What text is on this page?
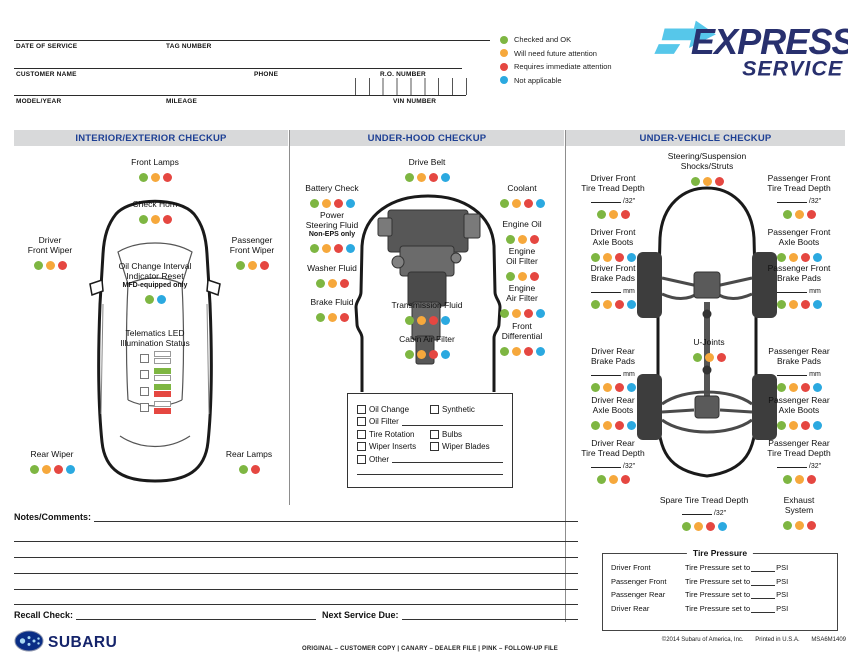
DATE OF SERVICE	TAG NUMBER
CUSTOMER NAME	PHONE	R.O. NUMBER
MODEL/YEAR	MILEAGE	VIN NUMBER
Checked and OK
Will need future attention
Requires immediate attention
Not applicable
EXPRESS
SERVICE
INTERIOR/EXTERIOR CHECKUP	UNDER-HOOD CHECKUP	UNDER-VEHICLE CHECKUP
Telematics LED
Illumination Status
Oil Change	Synthetic
Oil Filter
Tire Rotation	Bulbs
Wiper Inserts	Wiper Blades
Other
Notes/Comments:
Recall Check:	Next Service Due:
Tire Pressure
Driver Front	Tire Pressure set to	PSI
Passenger Front	Tire Pressure set to	PSI
Passenger Rear	Tire Pressure set to	PSI
Driver Rear	Tire Pressure set to	PSI
SUBARU	ORIGINAL – CUSTOMER COPY | CANARY – DEALER FILE | PINK – FOLLOW-UP FILE
©2014 Subaru of America, Inc. Printed in U.S.A. MSA6M1409
Front Lamps
Check Horn
Driver
Front Wiper
Passenger
Front Wiper
Oil Change Interval
Indicator Reset
MFD-equipped only
Rear Wiper	Rear Lamps
Drive Belt
Battery Check	Coolant
Power
Steering Fluid
Non-EPS only
Engine Oil
Washer Fluid
Engine
Oil Filter
Brake Fluid
Engine
Air Filter
Transmission Fluid
Front
Differential
Cabin Air Filter
Steering/Suspension
Shocks/Struts
Driver Front
Tire Tread Depth
/32"
Passenger Front
Tire Tread Depth
/32"
Driver Front
Axle Boots
Passenger Front
Axle Boots
Driver Front
Brake Pads
mm
Passenger Front
Brake Pads
mm
U-Joints
Driver Rear
Brake Pads
mm
Passenger Rear
Brake Pads
mm
Driver Rear
Axle Boots
Passenger Rear
Axle Boots
Driver Rear
Tire Tread Depth
/32"
Passenger Rear
Tire Tread Depth
/32"
Spare Tire Tread Depth
/32"
Exhaust
System
